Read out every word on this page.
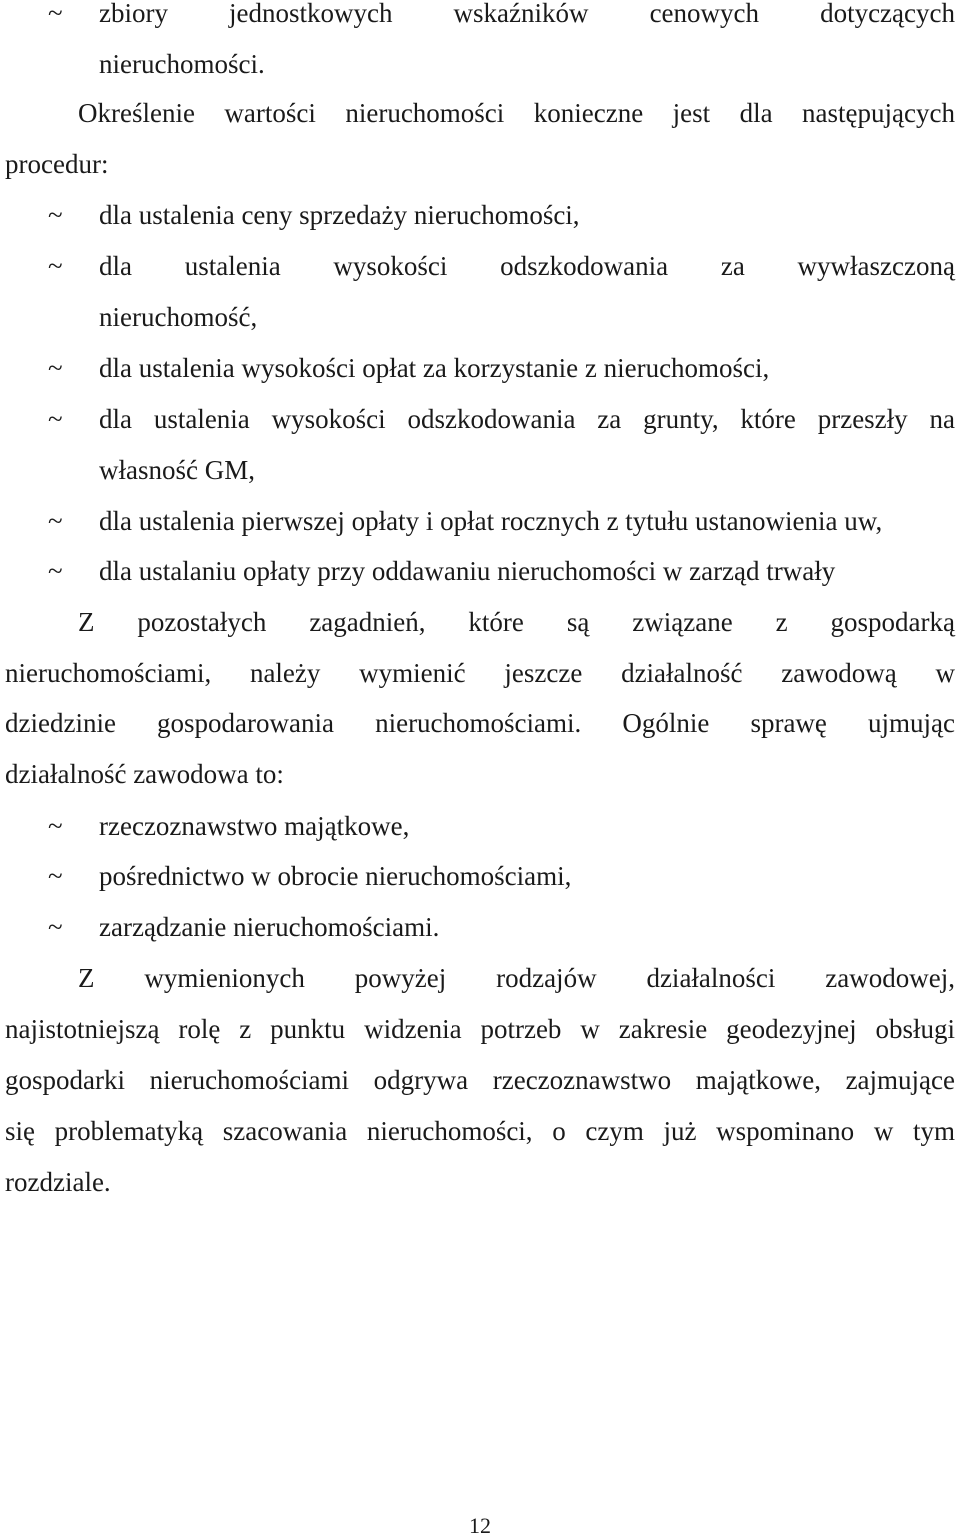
~	zbiory jednostkowych wskaźników cenowych dotyczących
nieruchomości.
Określenie wartości nieruchomości konieczne jest dla następujących
procedur:
~	dla ustalenia ceny sprzedaży nieruchomości,
~	dla ustalenia wysokości odszkodowania za wywłaszczoną
nieruchomość,
~	dla ustalenia wysokości opłat za korzystanie z nieruchomości,
~	dla ustalenia wysokości odszkodowania za grunty, które przeszły na
własność GM,
~	dla ustalenia pierwszej opłaty i opłat rocznych z tytułu ustanowienia uw,
~	dla ustalaniu opłaty przy oddawaniu nieruchomości w zarząd trwały
Z pozostałych zagadnień, które są związane z gospodarką
nieruchomościami, należy wymienić jeszcze działalność zawodową w
dziedzinie gospodarowania nieruchomościami. Ogólnie sprawę ujmując
działalność zawodowa to:
~	rzeczoznawstwo majątkowe,
~	pośrednictwo w obrocie nieruchomościami,
~	zarządzanie nieruchomościami.
Z wymienionych powyżej rodzajów działalności zawodowej,
najistotniejszą rolę z punktu widzenia potrzeb w zakresie geodezyjnej obsługi
gospodarki nieruchomościami odgrywa rzeczoznawstwo majątkowe, zajmujące
się problematyką szacowania nieruchomości, o czym już wspominano w tym
rozdziale.
12
